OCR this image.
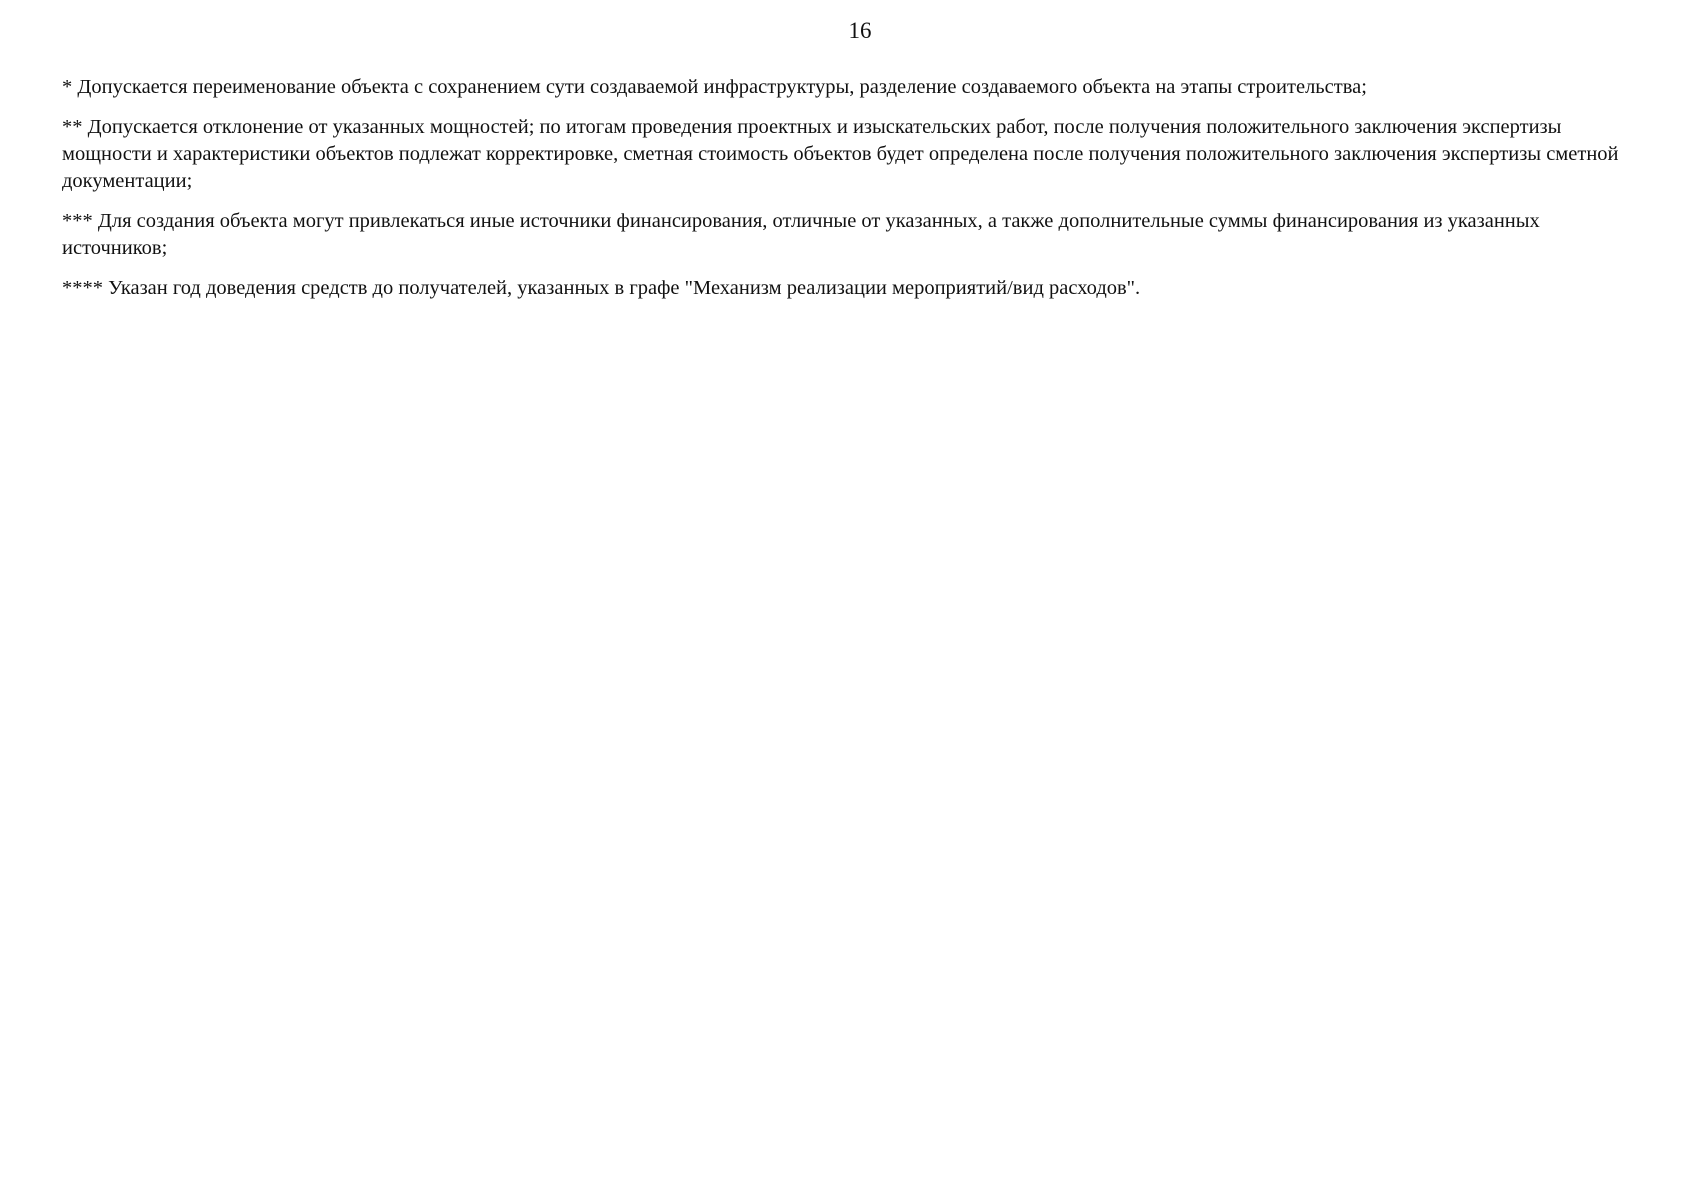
16

* Допускается переименование объекта с сохранением сути создаваемой инфраструктуры, разделение создаваемого объекта на этапы строительства;

** Допускается отклонение от указанных мощностей; по итогам проведения проектных и изыскательских работ, после получения положительного заключения экспертизы мощности и характеристики объектов подлежат корректировке, сметная стоимость объектов будет определена после получения положительного заключения экспертизы сметной документации;

*** Для создания объекта могут привлекаться иные источники финансирования, отличные от указанных, а также дополнительные суммы финансирования из указанных источников;

**** Указан год доведения средств до получателей, указанных в графе "Механизм реализации мероприятий/вид расходов".
